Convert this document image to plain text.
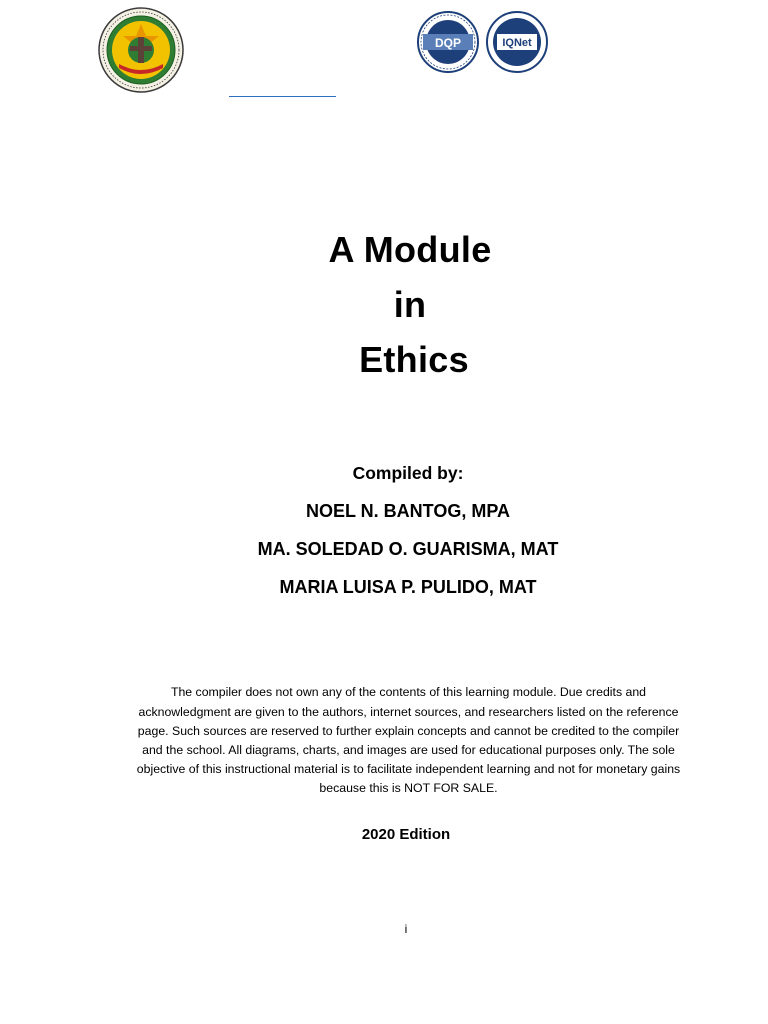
DQP	IQNet
A Module
in
Ethics
Compiled by:
NOEL N. BANTOG, MPA
MA. SOLEDAD O. GUARISMA, MAT
MARIA LUISA P. PULIDO, MAT

The compiler does not own any of the contents of this learning module. Due credits and acknowledgment are given to the authors, internet sources, and researchers listed on the reference page. Such sources are reserved to further explain concepts and cannot be credited to the compiler and the school. All diagrams, charts, and images are used for educational purposes only. The sole objective of this instructional material is to facilitate independent learning and not for monetary gains because this is NOT FOR SALE.

2020 Edition
i
